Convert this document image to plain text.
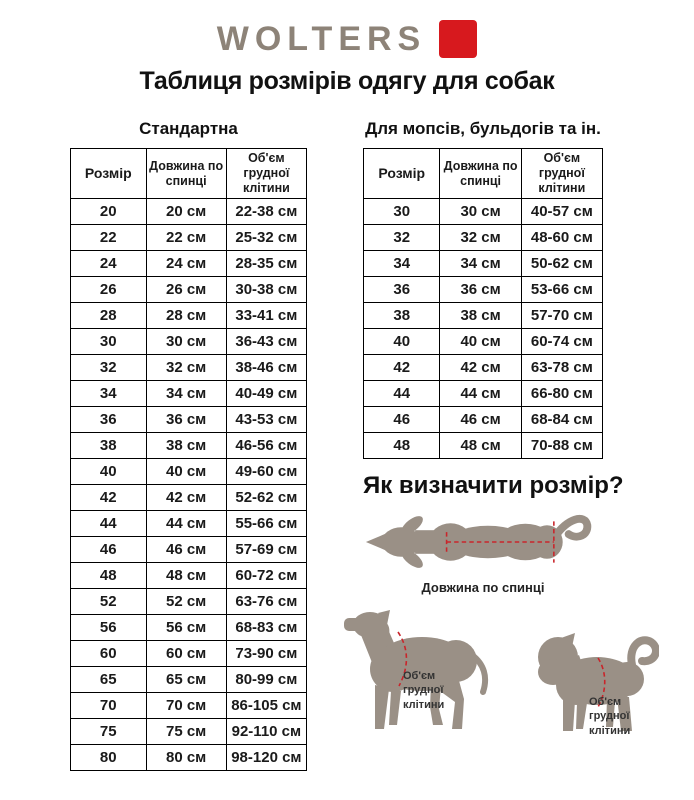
WOLTERS
Таблиця розмірів одягу для собак
Стандартна
Розмір	Довжина по спинці	Об'єм грудної клітини
20	20 см	22-38 см
22	22 см	25-32 см
24	24 см	28-35 см
26	26 см	30-38 см
28	28 см	33-41 см
30	30 см	36-43 см
32	32 см	38-46 см
34	34 см	40-49 см
36	36 см	43-53 см
38	38 см	46-56 см
40	40 см	49-60 см
42	42 см	52-62 см
44	44 см	55-66 см
46	46 см	57-69 см
48	48 см	60-72 см
52	52 см	63-76 см
56	56 см	68-83 см
60	60 см	73-90 см
65	65 см	80-99 см
70	70 см	86-105 см
75	75 см	92-110 см
80	80 см	98-120 см
Для мопсів, бульдогів та ін.
Розмір	Довжина по спинці	Об'єм грудної клітини
30	30 см	40-57 см
32	32 см	48-60 см
34	34 см	50-62 см
36	36 см	53-66 см
38	38 см	57-70 см
40	40 см	60-74 см
42	42 см	63-78 см
44	44 см	66-80 см
46	46 см	68-84 см
48	48 см	70-88 см
Як визначити розмір?
Довжина по спинці
Об'єм
грудної
клітини	Об'єм
грудної
клітини
